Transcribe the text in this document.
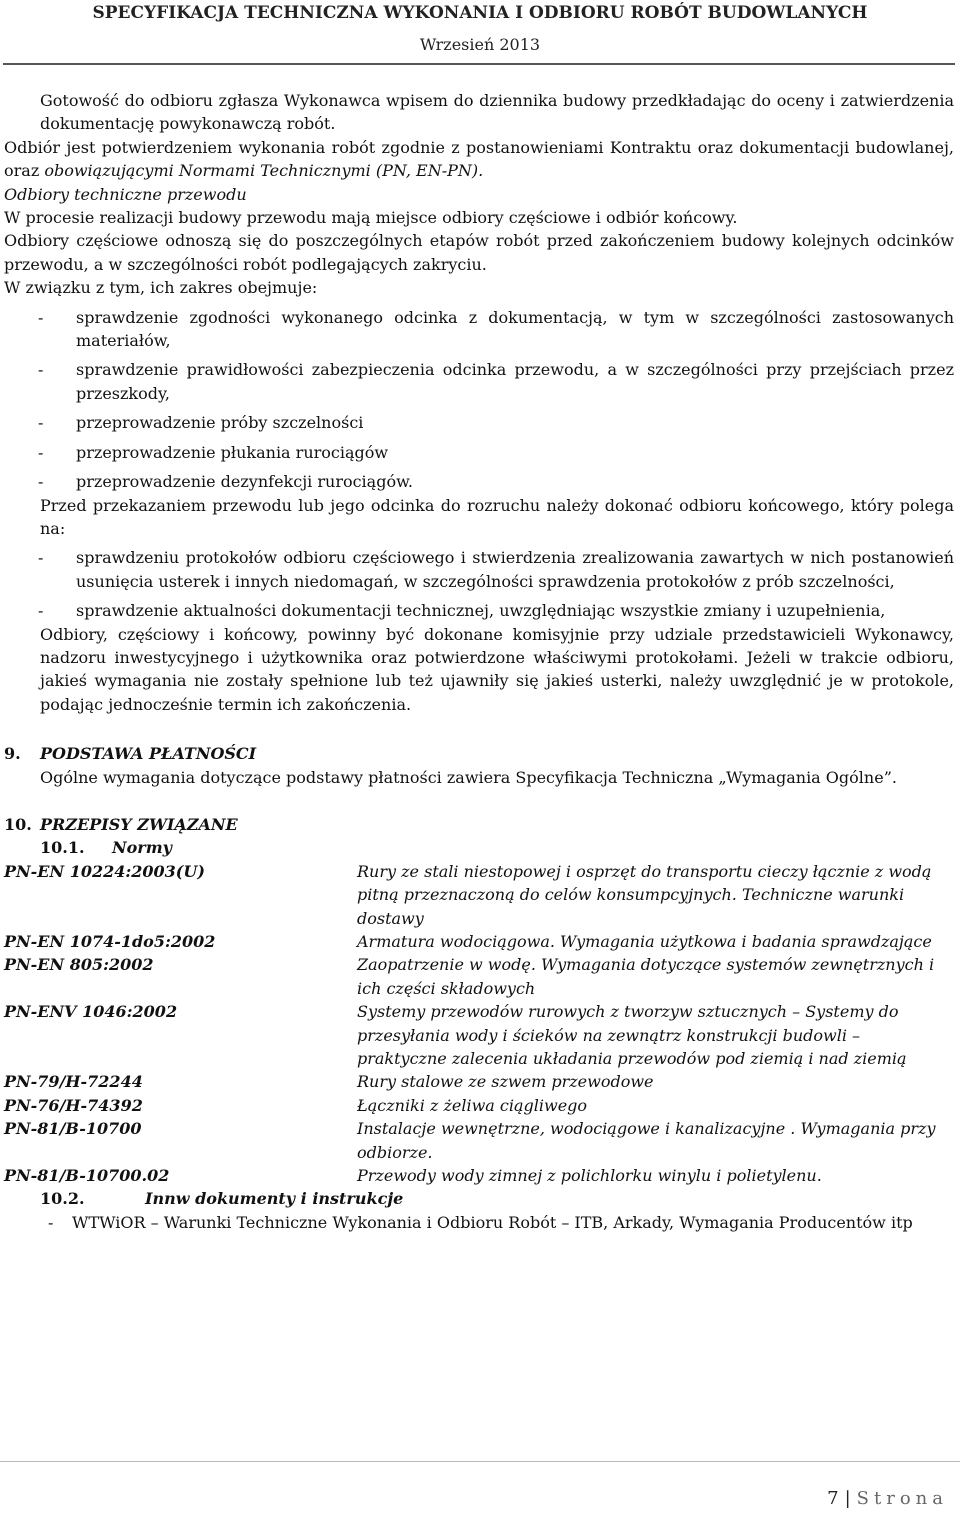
SPECYFIKACJA TECHNICZNA WYKONANIA I ODBIORU ROBÓT BUDOWLANYCH
Wrzesień 2013

Gotowość do odbioru zgłasza Wykonawca wpisem do dziennika budowy przedkładając do oceny i zatwierdzenia dokumentację powykonawczą robót.

Odbiór jest potwierdzeniem wykonania robót zgodnie z postanowieniami Kontraktu oraz dokumentacji budowlanej, oraz obowiązującymi Normami Technicznymi (PN, EN-PN).

Odbiory techniczne przewodu

W procesie realizacji budowy przewodu mają miejsce odbiory częściowe i odbiór końcowy.

Odbiory częściowe odnoszą się do poszczególnych etapów robót przed zakończeniem budowy kolejnych odcinków przewodu, a w szczególności robót podlegających zakryciu.

W związku z tym, ich zakres obejmuje:

- sprawdzenie zgodności wykonanego odcinka z dokumentacją, w tym w szczególności zastosowanych materiałów,
- sprawdzenie prawidłowości zabezpieczenia odcinka przewodu, a w szczególności przy przejściach przez przeszkody,
- przeprowadzenie próby szczelności
- przeprowadzenie płukania rurociągów
- przeprowadzenie dezynfekcji rurociągów.

Przed przekazaniem przewodu lub jego odcinka do rozruchu należy dokonać odbioru końcowego, który polega na:

- sprawdzeniu protokołów odbioru częściowego i stwierdzenia zrealizowania zawartych w nich postanowień usunięcia usterek i innych niedomagań, w szczególności sprawdzenia protokołów z prób szczelności,
- sprawdzenie aktualności dokumentacji technicznej, uwzględniając wszystkie zmiany i uzupełnienia,

Odbiory, częściowy i końcowy, powinny być dokonane komisyjnie przy udziale przedstawicieli Wykonawcy, nadzoru inwestycyjnego i użytkownika oraz potwierdzone właściwymi protokołami. Jeżeli w trakcie odbioru, jakieś wymagania nie zostały spełnione lub też ujawniły się jakieś usterki, należy uwzględnić je w protokole, podając jednocześnie termin ich zakończenia.

9. PODSTAWA PŁATNOŚCI

Ogólne wymagania dotyczące podstawy płatności zawiera Specyfikacja Techniczna „Wymagania Ogólne”.

10. PRZEPISY ZWIĄZANE
10.1. Normy
PN-EN 10224:2003(U)	Rury ze stali niestopowej i osprzęt do transportu cieczy łącznie z wodą pitną przeznaczoną do celów konsumpcyjnych. Techniczne warunki dostawy
PN-EN 1074-1do5:2002	Armatura wodociągowa. Wymagania użytkowa i badania sprawdzające
PN-EN 805:2002	Zaopatrzenie w wodę. Wymagania dotyczące systemów zewnętrznych i ich części składowych
PN-ENV 1046:2002	Systemy przewodów rurowych z tworzyw sztucznych – Systemy do przesyłania wody i ścieków na zewnątrz konstrukcji budowli – praktyczne zalecenia układania przewodów pod ziemią i nad ziemią
PN-79/H-72244	Rury stalowe ze szwem przewodowe
PN-76/H-74392	Łączniki z żeliwa ciągliwego
PN-81/B-10700	Instalacje wewnętrzne, wodociągowe i kanalizacyjne . Wymagania przy odbiorze.
PN-81/B-10700.02	Przewody wody zimnej z polichlorku winylu i polietylenu.
10.2.	Innw dokumenty i instrukcje
-	WTWiOR – Warunki Techniczne Wykonania i Odbioru Robót – ITB, Arkady, Wymagania Producentów itp
7 | Strona
